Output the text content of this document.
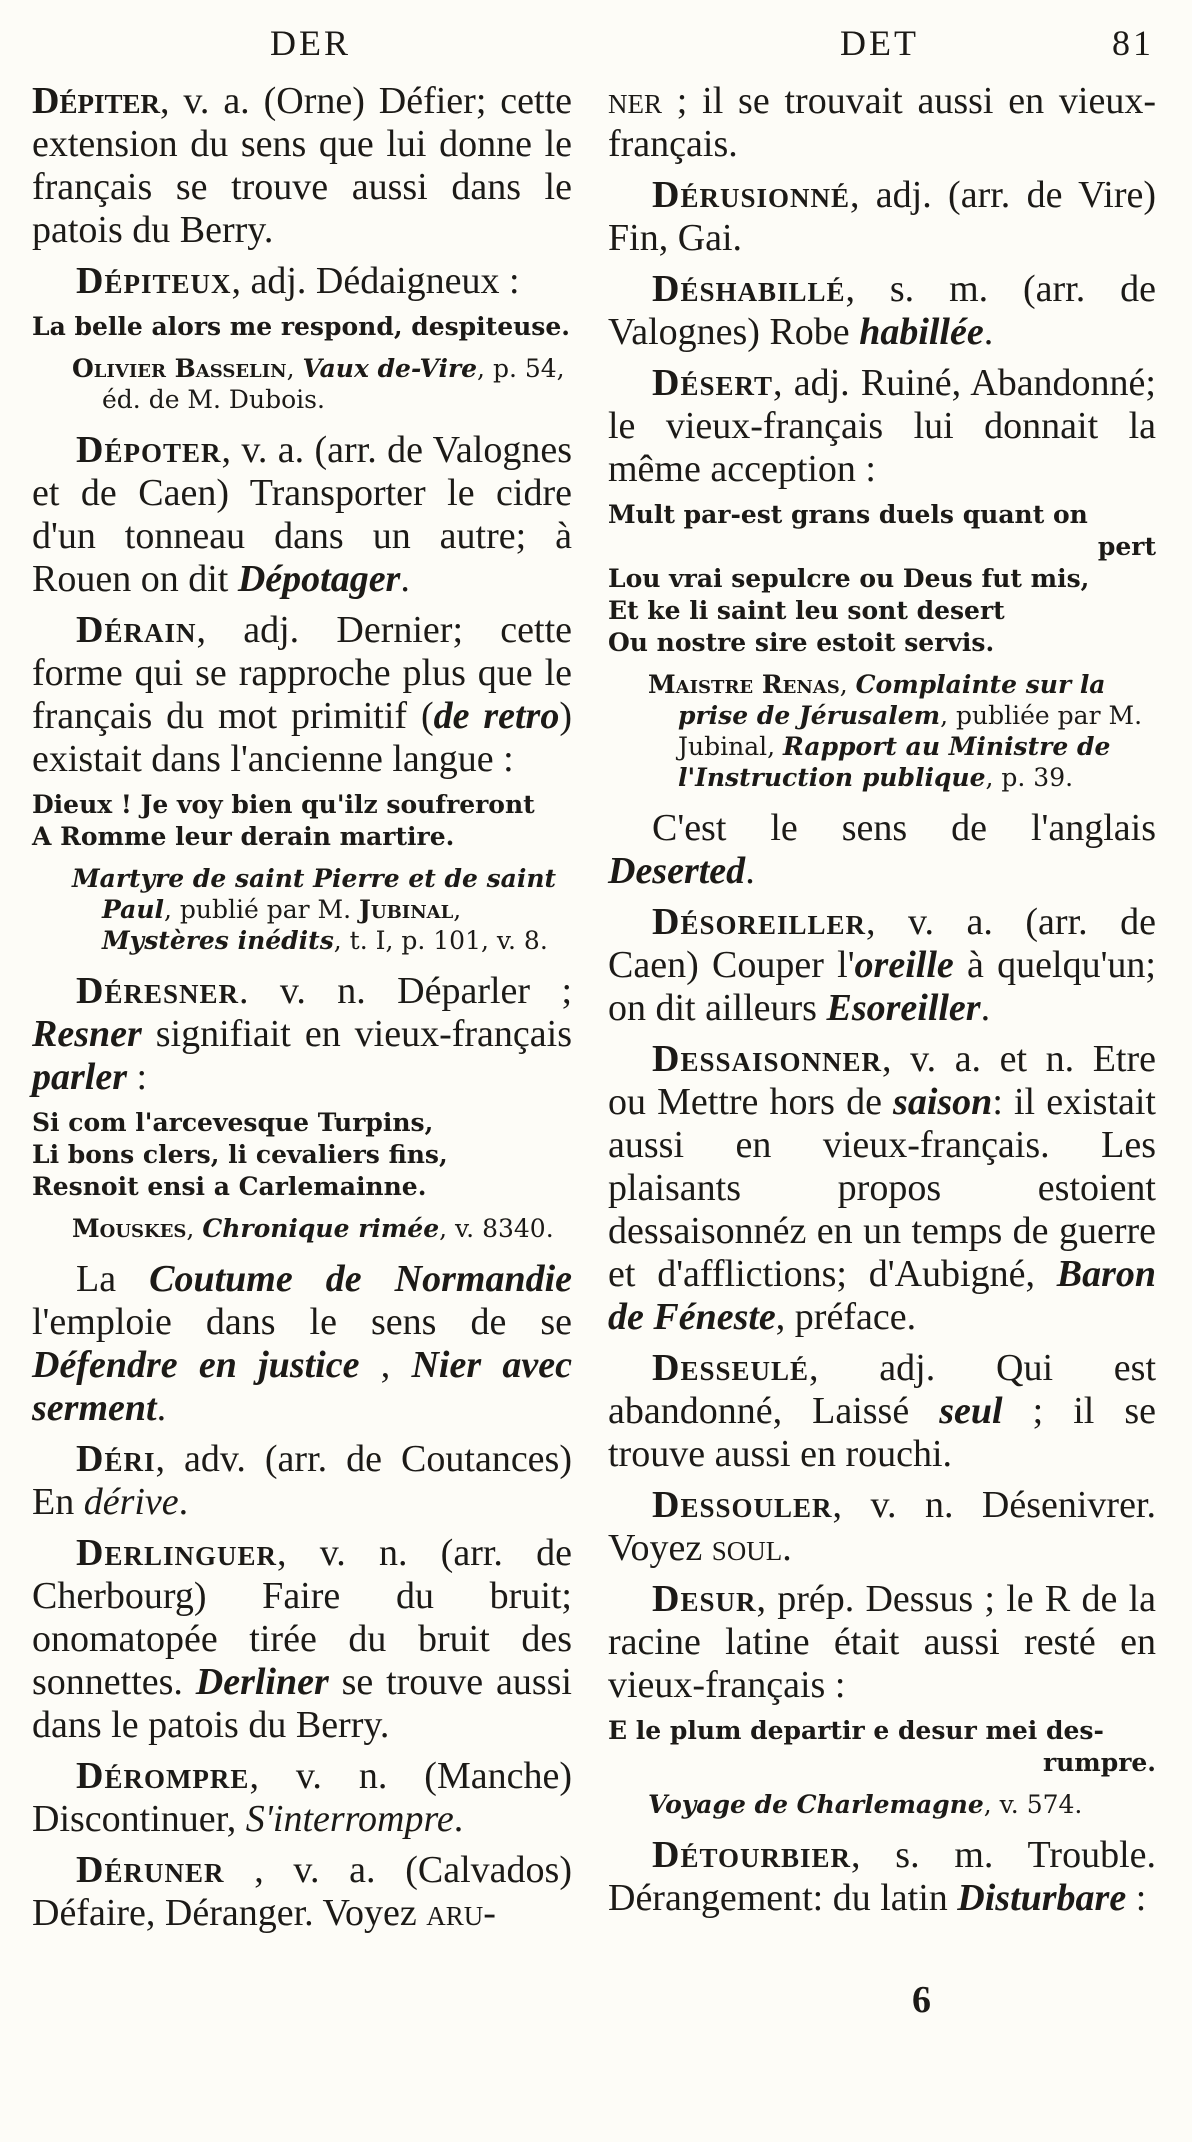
DER	DET	81

Dépiter, v. a. (Orne) Défier; cette extension du sens que lui donne le français se trouve aussi dans le patois du Berry.

Dépiteux, adj. Dédaigneux :

La belle alors me respond, despiteuse.
Olivier Basselin, Vaux de-Vire, p. 54, éd. de M. Dubois.

Dépoter, v. a. (arr. de Valognes et de Caen) Transporter le cidre d'un tonneau dans un autre; à Rouen on dit Dépotager.

Dérain, adj. Dernier; cette forme qui se rapproche plus que le français du mot primitif (de retro) existait dans l'ancienne langue :

Dieux ! Je voy bien qu'ilz soufreront
A Romme leur derain martire.
Martyre de saint Pierre et de saint Paul, publié par M. Jubinal, Mystères inédits, t. I, p. 101, v. 8.

Déresner. v. n. Déparler ; Resner signifiait en vieux-français parler :

Si com l'arcevesque Turpins,
Li bons clers, li cevaliers fins,
Resnoit ensi a Carlemainne.
Mouskes, Chronique rimée, v. 8340.

La Coutume de Normandie l'emploie dans le sens de se Défendre en justice , Nier avec serment.

Déri, adv. (arr. de Coutances) En dérive.

Derlinguer, v. n. (arr. de Cherbourg) Faire du bruit; onomatopée tirée du bruit des sonnettes. Derliner se trouve aussi dans le patois du Berry.

Dérompre, v. n. (Manche) Discontinuer, S'interrompre.

Déruner , v. a. (Calvados) Défaire, Déranger. Voyez aru-

ner ; il se trouvait aussi en vieux-français.

Dérusionné, adj. (arr. de Vire) Fin, Gai.

Déshabillé, s. m. (arr. de Valognes) Robe habillée.

Désert, adj. Ruiné, Abandonné; le vieux-français lui donnait la même acception :

Mult par-est grans duels quant on
pert
Lou vrai sepulcre ou Deus fut mis,
Et ke li saint leu sont desert
Ou nostre sire estoit servis.
Maistre Renas, Complainte sur la prise de Jérusalem, publiée par M. Jubinal, Rapport au Ministre de l'Instruction publique, p. 39.

C'est le sens de l'anglais Deserted.

Désoreiller, v. a. (arr. de Caen) Couper l'oreille à quelqu'un; on dit ailleurs Esoreiller.

Dessaisonner, v. a. et n. Etre ou Mettre hors de saison: il existait aussi en vieux-français. Les plaisants propos estoient dessaisonnéz en un temps de guerre et d'afflictions; d'Aubigné, Baron de Féneste, préface.

Desseulé, adj. Qui est abandonné, Laissé seul ; il se trouve aussi en rouchi.

Dessouler, v. n. Désenivrer. Voyez soul.

Desur, prép. Dessus ; le R de la racine latine était aussi resté en vieux-français :

E le plum departir e desur mei des-
rumpre.
Voyage de Charlemagne, v. 574.

Détourbier, s. m. Trouble. Dérangement: du latin Disturbare :

6
